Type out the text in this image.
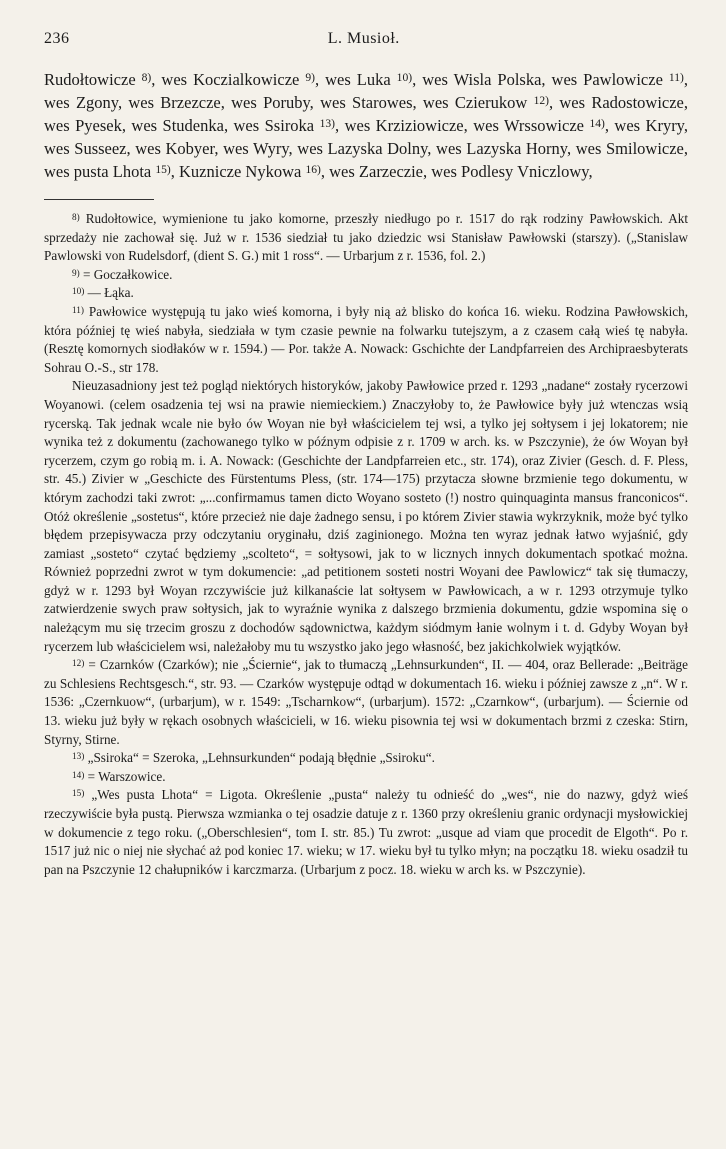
236	L. Musioł.

Rudołtowicze $^{8)}$, wes Koczialkowicze $^{9)}$, wes Luka $^{10)}$, wes Wisla Polska, wes Pawlowicze $^{11)}$, wes Zgony, wes Brzezcze, wes Poruby, wes Starowes, wes Czierukow $^{12)}$, wes Radostowicze, wes Pyesek, wes Studenka, wes Ssiroka $^{13)}$, wes Krziziowicze, wes Wrssowicze $^{14)}$, wes Kryry, wes Susseez, wes Kobyer, wes Wyry, wes Lazyska Dolny, wes Lazyska Horny, wes Smilowicze, wes pusta Lhota $^{15)}$, Kuznicze Nykowa $^{16)}$, wes Zarzeczie, wes Podlesy Vniczlowy,

$^{8)}$ Rudołtowice, wymienione tu jako komorne, przeszły niedługo po r. 1517 do rąk rodziny Pawłowskich. Akt sprzedaży nie zachował się. Już w r. 1536 siedział tu jako dziedzic wsi Stanisław Pawłowski (starszy). („Stanislaw Pawlowski von Rudelsdorf, (dient S. G.) mit 1 ross“. — Urbarjum z r. 1536, fol. 2.)

$^{9)}$ = Goczałkowice.

$^{10)}$ — Łąka.

$^{11)}$ Pawłowice występują tu jako wieś komorna, i były nią aż blisko do końca 16. wieku. Rodzina Pawłowskich, która później tę wieś nabyła, siedziała w tym czasie pewnie na folwarku tutejszym, a z czasem całą wieś tę nabyła. (Resztę komornych siodłaków w r. 1594.) — Por. także A. Nowack: Gschichte der Landpfarreien des Archipraesbyterats Sohrau O.-S., str 178.

Nieuzasadniony jest też pogląd niektórych historyków, jakoby Pawłowice przed r. 1293 „nadane“ zostały rycerzowi Woyanowi. (celem osadzenia tej wsi na prawie niemieckiem.) Znaczyłoby to, że Pawłowice były już wtenczas wsią rycerską. Tak jednak wcale nie było ów Woyan nie był właścicielem tej wsi, a tylko jej sołtysem i jej lokatorem; nie wynika też z dokumentu (zachowanego tylko w późnym odpisie z r. 1709 w arch. ks. w Pszczynie), że ów Woyan był rycerzem, czym go robią m. i. A. Nowack: (Geschichte der Landpfarreien etc., str. 174), oraz Zivier (Gesch. d. F. Pless, str. 45.) Zivier w „Geschicte des Fürstentums Pless, (str. 174—175) przytacza słowne brzmienie tego dokumentu, w którym zachodzi taki zwrot: „...confirmamus tamen dicto Woyano sosteto (!) nostro quinquaginta mansus franconicos“. Otóż określenie „sostetus“, które przecież nie daje żadnego sensu, i po którem Zivier stawia wykrzyknik, może być tylko błędem przepisywacza przy odczytaniu oryginału, dziś zaginionego. Można ten wyraz jednak łatwo wyjaśnić, gdy zamiast „sosteto“ czytać będziemy „scolteto“, = sołtysowi, jak to w licznych innych dokumentach spotkać można. Również poprzedni zwrot w tym dokumencie: „ad petitionem sosteti nostri Woyani dee Pawlowicz“ tak się tłumaczy, gdyż w r. 1293 był Woyan rzczywiście już kilkanaście lat sołtysem w Pawłowicach, a w r. 1293 otrzymuje tylko zatwierdzenie swych praw sołtysich, jak to wyraźnie wynika z dalszego brzmienia dokumentu, gdzie wspomina się o należącym mu się trzecim groszu z dochodów sądownictwa, każdym siódmym łanie wolnym i t. d. Gdyby Woyan był rycerzem lub właścicielem wsi, należałoby mu tu wszystko jako jego własność, bez jakichkolwiek wyjątków.

$^{12)}$ = Czarnków (Czarków); nie „Ściernie“, jak to tłumaczą „Lehnsurkunden“, II. — 404, oraz Bellerade: „Beiträge zu Schlesiens Rechtsgesch.“, str. 93. — Czarków występuje odtąd w dokumentach 16. wieku i później zawsze z „n“. W r. 1536: „Czernkuow“, (urbarjum), w r. 1549: „Tscharnkow“, (urbarjum). 1572: „Czarnkow“, (urbarjum). — Ściernie od 13. wieku już były w rękach osobnych właścicieli, w 16. wieku pisownia tej wsi w dokumentach brzmi z czeska: Stirn, Styrny, Stirne.

$^{13)}$ „Ssiroka“ = Szeroka, „Lehnsurkunden“ podają błędnie „Ssiroku“.

$^{14)}$ = Warszowice.

$^{15)}$ „Wes pusta Lhota“ = Ligota. Określenie „pusta“ należy tu odnieść do „wes“, nie do nazwy, gdyż wieś rzeczywiście była pustą. Pierwsza wzmianka o tej osadzie datuje z r. 1360 przy określeniu granic ordynacji mysłowickiej w dokumencie z tego roku. („Oberschlesien“, tom I. str. 85.) Tu zwrot: „usque ad viam que procedit de Elgoth“. Po r. 1517 już nic o niej nie słychać aż pod koniec 17. wieku; w 17. wieku był tu tylko młyn; na początku 18. wieku osadził tu pan na Pszczynie 12 chałupników i karczmarza. (Urbarjum z pocz. 18. wieku w arch ks. w Pszczynie).
